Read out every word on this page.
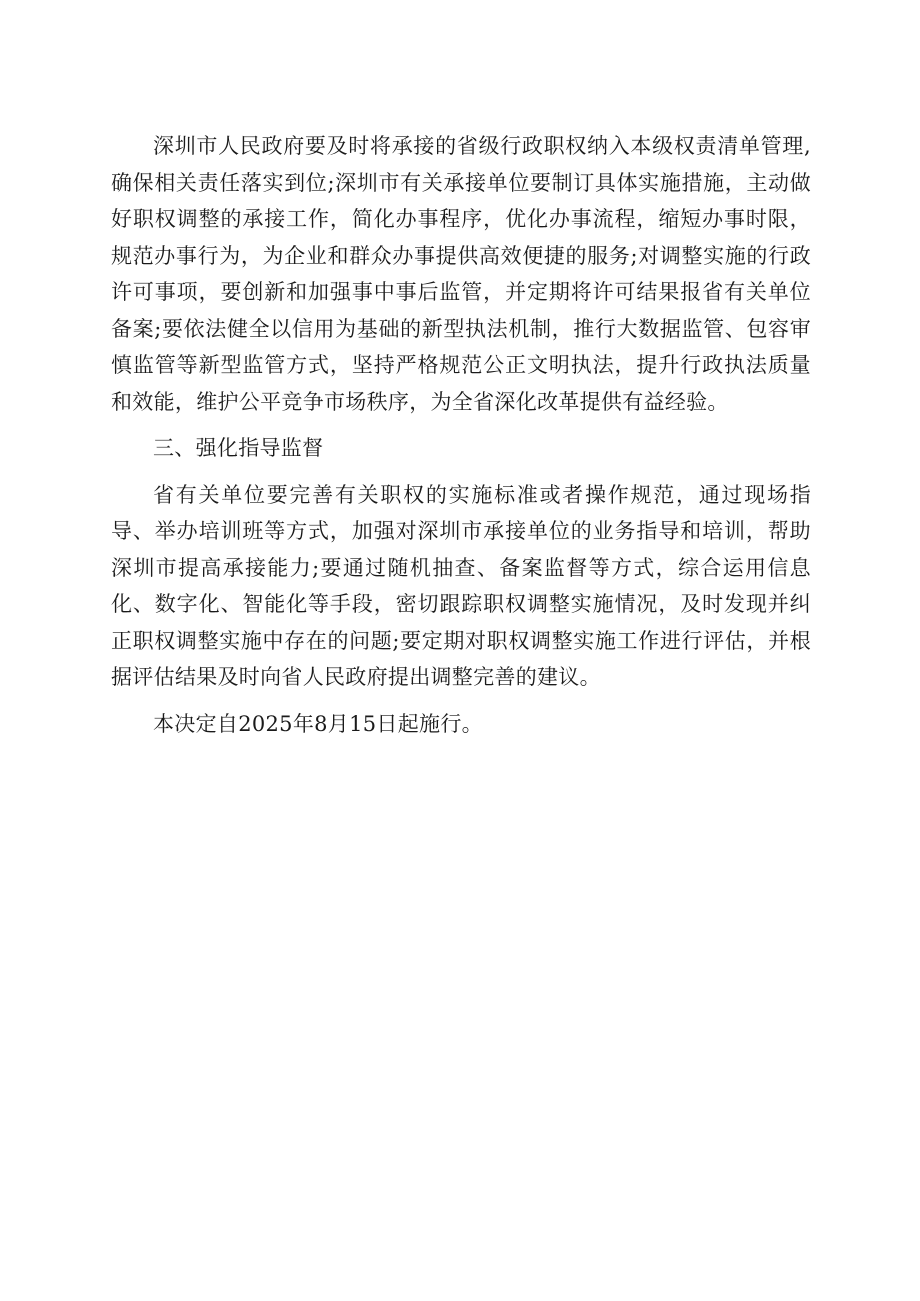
深圳市人民政府要及时将承接的省级行政职权纳入本级权责清单管理,确保相关责任落实到位;深圳市有关承接单位要制订具体实施措施，主动做好职权调整的承接工作，简化办事程序，优化办事流程，缩短办事时限，规范办事行为，为企业和群众办事提供高效便捷的服务;对调整实施的行政许可事项，要创新和加强事中事后监管，并定期将许可结果报省有关单位备案;要依法健全以信用为基础的新型执法机制，推行大数据监管、包容审慎监管等新型监管方式，坚持严格规范公正文明执法，提升行政执法质量和效能，维护公平竞争市场秩序，为全省深化改革提供有益经验。

三、强化指导监督

省有关单位要完善有关职权的实施标准或者操作规范，通过现场指导、举办培训班等方式，加强对深圳市承接单位的业务指导和培训，帮助深圳市提高承接能力;要通过随机抽查、备案监督等方式，综合运用信息化、数字化、智能化等手段，密切跟踪职权调整实施情况，及时发现并纠正职权调整实施中存在的问题;要定期对职权调整实施工作进行评估，并根据评估结果及时向省人民政府提出调整完善的建议。

本决定自2025年8月15日起施行。
